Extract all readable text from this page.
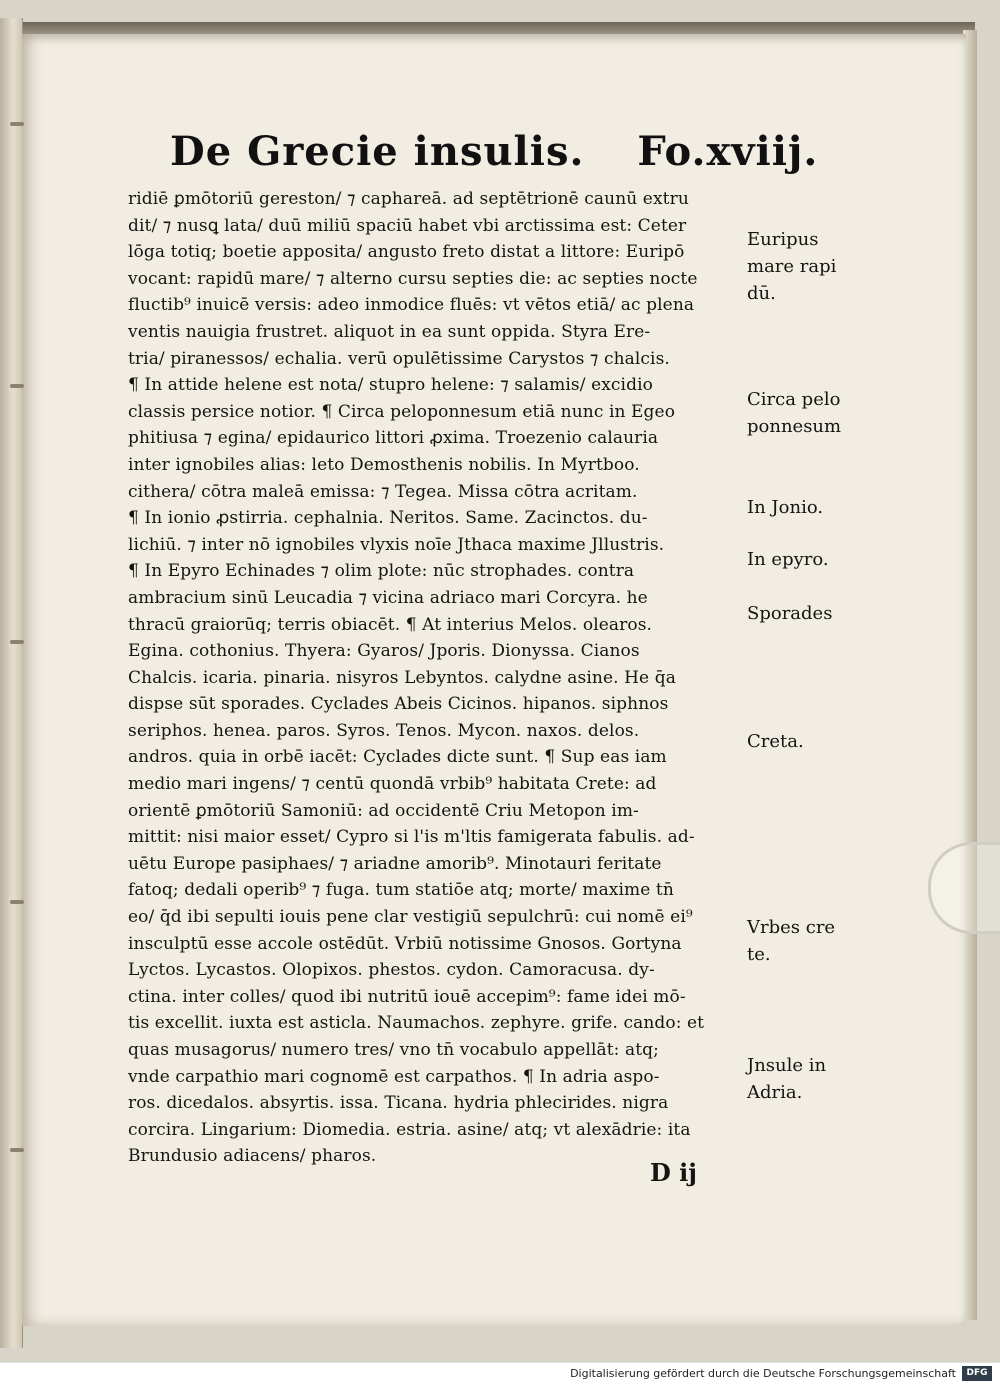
De Grecie insulis. Fo.xviij.
ridiē ꝑmōtoriū gereston/ ⁊ caphareā. ad septētrionē caunū extru
dit/ ⁊ nusꝗ lata/ duū miliū spaciū habet vbi arctissima est: Ceter
lōga totiq; boetie apposita/ angusto freto distat a littore: Euripō
vocant: rapidū mare/ ⁊ alterno cursu septies die: ac septies nocte
fluctib⁹ inuicē versis: adeo inmodice fluēs: vt vētos etiā/ ac plena
ventis nauigia frustret. aliquot in ea sunt oppida. Styra Ere-
tria/ piranessos/ echalia. verū opulētissime Carystos ⁊ chalcis.
¶ In attide helene est nota/ stupro helene: ⁊ salamis/ excidio
classis persice notior. ¶ Circa peloponnesum etiā nunc in Egeo
phitiusa ⁊ egina/ epidaurico littori ꝓxima. Troezenio calauria
inter ignobiles alias: leto Demosthenis nobilis. In Myrtboo.
cithera/ cōtra maleā emissa: ⁊ Tegea. Missa cōtra acritam.
¶ In ionio ꝓstirria. cephalnia. Neritos. Same. Zacinctos. du-
lichiū. ⁊ inter nō ignobiles vlyxis noīe Jthaca maxime Jllustris.
¶ In Epyro Echinades ⁊ olim plote: nūc strophades. contra
ambracium sinū Leucadia ⁊ vicina adriaco mari Corcyra. he
thracū graiorūq; terris obiacēt. ¶ At interius Melos. olearos.
Egina. cothonius. Thyera: Gyaros/ Jporis. Dionyssa. Cianos
Chalcis. icaria. pinaria. nisyros Lebyntos. calydne asine. He q̄a
dispse sūt sporades. Cyclades Abeis Cicinos. hipanos. siphnos
seriphos. henea. paros. Syros. Tenos. Mycon. naxos. delos.
andros. quia in orbē iacēt: Cyclades dicte sunt. ¶ Sup eas iam
medio mari ingens/ ⁊ centū quondā vrbib⁹ habitata Crete: ad
orientē ꝑmōtoriū Samoniū: ad occidentē Criu Metopon im-
mittit: nisi maior esset/ Cypro si l'is m'ltis famigerata fabulis. ad-
uētu Europe pasiphaes/ ⁊ ariadne amorib⁹. Minotauri feritate
fatoq; dedali operib⁹ ⁊ fuga. tum statiōe atq; morte/ maxime tn̄
eo/ q̄d ibi sepulti iouis pene clar vestigiū sepulchrū: cui nomē ei⁹
insculptū esse accole ostēdūt. Vrbiū notissime Gnosos. Gortyna
Lyctos. Lycastos. Olopixos. phestos. cydon. Camoracusa. dy-
ctina. inter colles/ quod ibi nutritū iouē accepim⁹: fame idei mō-
tis excellit. iuxta est asticla. Naumachos. zephyre. grife. cando: et
quas musagorus/ numero tres/ vno tn̄ vocabulo appellāt: atq;
vnde carpathio mari cognomē est carpathos. ¶ In adria aspo-
ros. dicedalos. absyrtis. issa. Ticana. hydria phlecirides. nigra
corcira. Lingarium: Diomedia. estria. asine/ atq; vt alexādrie: ita
Brundusio adiacens/ pharos.
Euripus
mare rapi
dū.
Circa pelo
ponnesum
In Jonio.
In epyro.
Sporades
Creta.
Vrbes cre
te.
Jnsule in
Adria.
D ij
Digitalisierung gefördert durch die Deutsche Forschungsgemeinschaft	DFG
